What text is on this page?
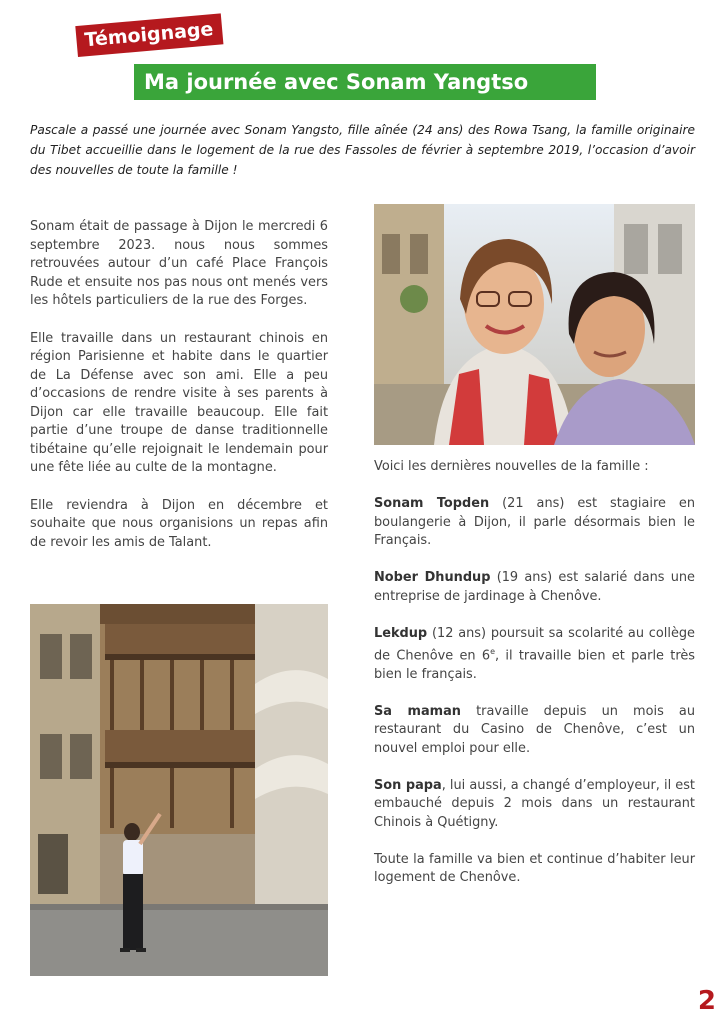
Témoignage
Ma journée avec Sonam Yangtso
Pascale a passé une journée avec Sonam Yangsto, fille aînée (24 ans) des Rowa Tsang, la famille originaire du Tibet accueillie dans le logement de la rue des Fassoles de février à septembre 2019, l’occasion d’avoir des nouvelles de toute la famille !

Sonam était de passage à Dijon le mercredi 6 septembre 2023. nous nous sommes retrouvées autour d’un café Place François Rude et ensuite nos pas nous ont menés vers les hôtels particuliers de la rue des Forges.

Elle travaille dans un restaurant chinois en région Parisienne et habite dans le quartier de La Défense avec son ami. Elle a peu d’occasions de rendre visite à ses parents à Dijon car elle travaille beaucoup. Elle fait partie d’une troupe de danse traditionnelle tibétaine qu’elle rejoignait le lendemain pour une fête liée au culte de la montagne.

Elle reviendra à Dijon en décembre et souhaite que nous organisions un repas afin de revoir les amis de Talant.

Voici les dernières nouvelles de la famille :

Sonam Topden (21 ans) est stagiaire en boulangerie à Dijon, il parle désormais bien le Français.

Nober Dhundup (19 ans) est salarié dans une entreprise de jardinage à Chenôve.

Lekdup (12 ans) poursuit sa scolarité au collège de Chenôve en 6e, il travaille bien et parle très bien le français.

Sa maman travaille depuis un mois au restaurant du Casino de Chenôve, c’est un nouvel emploi pour elle.

Son papa, lui aussi, a changé d’employeur, il est embauché depuis 2 mois dans un restaurant Chinois à Quétigny.

Toute la famille va bien et continue d’habiter leur logement de Chenôve.

2
